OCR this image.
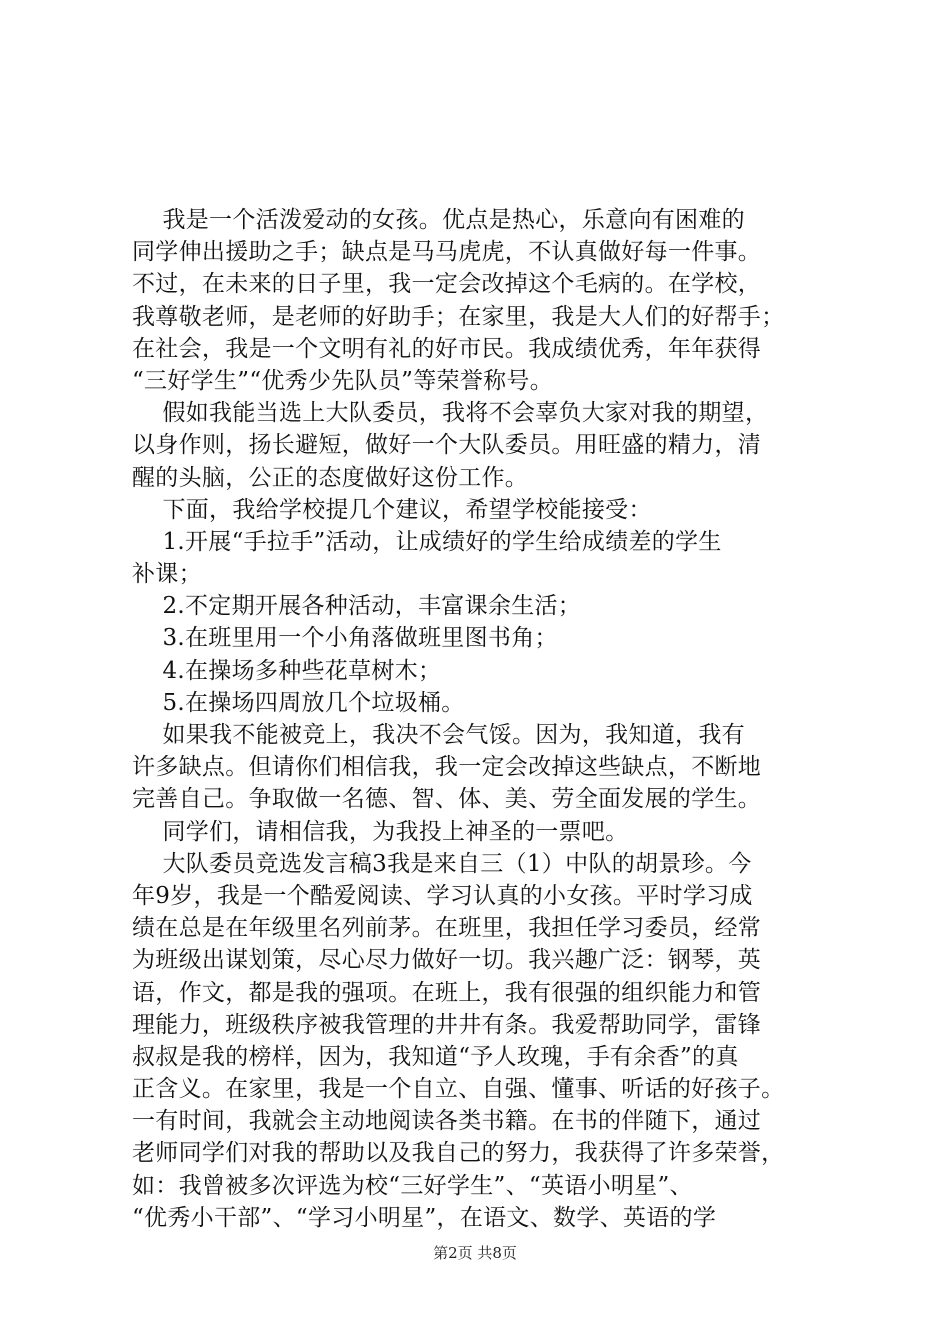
我是一个活泼爱动的女孩。优点是热心，乐意向有困难的
同学伸出援助之手；缺点是马马虎虎，不认真做好每一件事。
不过，在未来的日子里，我一定会改掉这个毛病的。在学校，
我尊敬老师，是老师的好助手；在家里，我是大人们的好帮手；
在社会，我是一个文明有礼的好市民。我成绩优秀，年年获得
“三好学生”“优秀少先队员”等荣誉称号。
假如我能当选上大队委员，我将不会辜负大家对我的期望，
以身作则，扬长避短，做好一个大队委员。用旺盛的精力，清
醒的头脑，公正的态度做好这份工作。
下面，我给学校提几个建议，希望学校能接受：
1.开展“手拉手”活动，让成绩好的学生给成绩差的学生
补课；
2.不定期开展各种活动，丰富课余生活；
3.在班里用一个小角落做班里图书角；
4.在操场多种些花草树木；
5.在操场四周放几个垃圾桶。
如果我不能被竞上，我决不会气馁。因为，我知道，我有
许多缺点。但请你们相信我，我一定会改掉这些缺点，不断地
完善自己。争取做一名德、智、体、美、劳全面发展的学生。
同学们，请相信我，为我投上神圣的一票吧。
大队委员竞选发言稿3我是来自三（1）中队的胡景珍。今
年9岁，我是一个酷爱阅读、学习认真的小女孩。平时学习成
绩在总是在年级里名列前茅。在班里，我担任学习委员，经常
为班级出谋划策，尽心尽力做好一切。我兴趣广泛：钢琴，英
语，作文，都是我的强项。在班上，我有很强的组织能力和管
理能力，班级秩序被我管理的井井有条。我爱帮助同学，雷锋
叔叔是我的榜样，因为，我知道“予人玫瑰，手有余香”的真
正含义。在家里，我是一个自立、自强、懂事、听话的好孩子。
一有时间，我就会主动地阅读各类书籍。在书的伴随下，通过
老师同学们对我的帮助以及我自己的努力，我获得了许多荣誉，
如：我曾被多次评选为校“三好学生”、“英语小明星”、
“优秀小干部”、“学习小明星”，在语文、数学、英语的学
第2页 共8页
